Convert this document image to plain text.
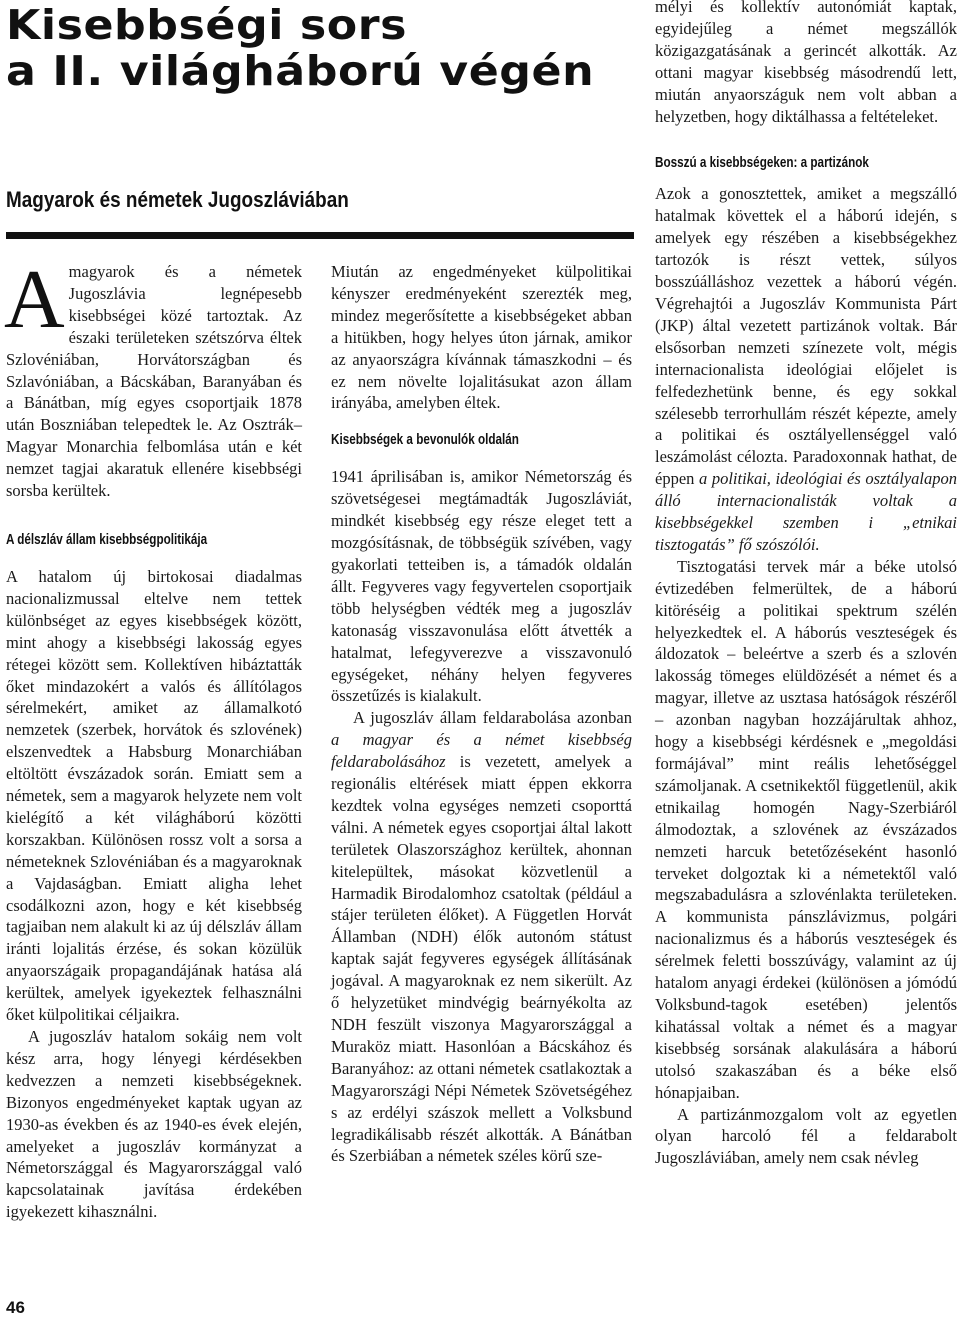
Kisebbségi sors
a II. világháború végén
Magyarok és németek Jugoszláviában

A magyarok és a németek Jugoszlávia legnépesebb kisebbségei közé tartoztak. Az északi területeken szétszórva éltek Szlovéniában, Horvátországban és Szlavóniában, a Bácskában, Baranyában és a Bánátban, míg egyes csoportjaik 1878 után Boszniában telepedtek le. Az Osztrák–Magyar Monarchia felbomlása után e két nemzet tagjai akaratuk ellenére kisebbségi sorsba kerültek.

A délszláv állam kisebbségpolitikája

A hatalom új birtokosai diadalmas nacionalizmussal eltelve nem tettek különbséget az egyes kisebbségek között, mint ahogy a kisebbségi lakosság egyes rétegei között sem. Kollektíven hibáztatták őket mindazokért a valós és állítólagos sérelmekért, amiket az államalkotó nemzetek (szerbek, horvátok és szlovének) elszenvedtek a Habsburg Monarchiában eltöltött évszázadok során. Emiatt sem a németek, sem a magyarok helyzete nem volt kielégítő a két világháború közötti korszakban. Különösen rossz volt a sorsa a németeknek Szlovéniában és a magyaroknak a Vajdaságban. Emiatt aligha lehet csodálkozni azon, hogy e két kisebbség tagjaiban nem alakult ki az új délszláv állam iránti lojalitás érzése, és sokan közülük anyaországaik propagandájának hatása alá kerültek, amelyek igyekeztek felhasználni őket külpolitikai céljaikra.

A jugoszláv hatalom sokáig nem volt kész arra, hogy lényegi kérdésekben kedvezzen a nemzeti kisebbségeknek. Bizonyos engedményeket kaptak ugyan az 1930-as években és az 1940-es évek elején, amelyeket a jugoszláv kormányzat a Németországgal és Magyarországgal való kapcsolatainak javítása érdekében igyekezett kihasználni.

Miután az engedményeket külpolitikai kényszer eredményeként szerezték meg, mindez megerősítette a kisebbségeket abban a hitükben, hogy helyes úton járnak, amikor az anyaországra kívánnak támaszkodni – és ez nem növelte lojalitásukat azon állam irányába, amelyben éltek.

Kisebbségek a bevonulók oldalán

1941 áprilisában is, amikor Németország és szövetségesei megtámadták Jugoszláviát, mindkét kisebbség egy része eleget tett a mozgósításnak, de többségük szívében, vagy gyakorlati tetteiben is, a támadók oldalán állt. Fegyveres vagy fegyvertelen csoportjaik több helységben védték meg a jugoszláv katonaság visszavonulása előtt átvették a hatalmat, lefegyverezve a visszavonuló egységeket, néhány helyen fegyveres összetűzés is kialakult.

A jugoszláv állam feldarabolása azonban a magyar és a német kisebbség feldarabolásához is vezetett, amelyek a regionális eltérések miatt éppen ekkorra kezdtek volna egységes nemzeti csoporttá válni. A németek egyes csoportjai által lakott területek Olaszországhoz kerültek, ahonnan kitelepültek, másokat közvetlenül a Harmadik Birodalomhoz csatoltak (például a stájer területen élőket). A Független Horvát Államban (NDH) élők autonóm státust kaptak saját fegyveres egységek állításának jogával. A magyaroknak ez nem sikerült. Az ő helyzetüket mindvégig beárnyékolta az NDH feszült viszonya Magyarországgal a Muraköz miatt. Hasonlóan a Bácskához és Baranyához: az ottani németek csatlakoztak a Magyarországi Népi Németek Szövetségéhez s az erdélyi szászok mellett a Volksbund legradikálisabb részét alkották. A Bánátban és Szerbiában a németek széles körű sze-

mélyi és kollektív autonómiát kaptak, egyidejűleg a német megszállók közigazgatásának a gerincét alkották. Az ottani magyar kisebbség másodrendű lett, miután anyaországuk nem volt abban a helyzetben, hogy diktálhassa a feltételeket.

Bosszú a kisebbségeken: a partizánok

Azok a gonosztettek, amiket a megszálló hatalmak követtek el a háború idején, s amelyek egy részében a kisebbségekhez tartozók is részt vettek, súlyos bosszúálláshoz vezettek a háború végén. Végrehajtói a Jugoszláv Kommunista Párt (JKP) által vezetett partizánok voltak. Bár elsősorban nemzeti színezete volt, mégis internacionalista ideológiai előjelet is felfedezhetünk benne, és egy sokkal szélesebb terrorhullám részét képezte, amely a politikai és osztályellenséggel való leszámolást célozta. Paradoxonnak hathat, de éppen a politikai, ideológiai és osztályalapon álló internacionalisták voltak a kisebbségekkel szemben i „etnikai tisztogatás” fő szószólói.

Tisztogatási tervek már a béke utolsó évtizedében felmerültek, de a háború kitöréséig a politikai spektrum szélén helyezkedtek el. A háborús veszteségek és áldozatok – beleértve a szerb és a szlovén lakosság tömeges elüldözését a német és a magyar, illetve az usztasa hatóságok részéről – azonban nagyban hozzájárultak ahhoz, hogy a kisebbségi kérdésnek e „megoldási formájával” mint reális lehetőséggel számoljanak. A csetnikektől függetlenül, akik etnikailag homogén Nagy-Szerbiáról álmodoztak, a szlovének az évszázados nemzeti harcuk betetőzéseként hasonló terveket dolgoztak ki a németektől való megszabadulásra a szlovénlakta területeken. A kommunista pánszlávizmus, polgári nacionalizmus és a háborús veszteségek és sérelmek feletti bosszúvágy, valamint az új hatalom anyagi érdekei (különösen a jómódú Volksbund-tagok esetében) jelentős kihatással voltak a német és a magyar kisebbség sorsának alakulására a háború utolsó szakaszában és a béke első hónapjaiban.

A partizánmozgalom volt az egyetlen olyan harcoló fél a feldarabolt Jugoszláviában, amely nem csak névleg

46
